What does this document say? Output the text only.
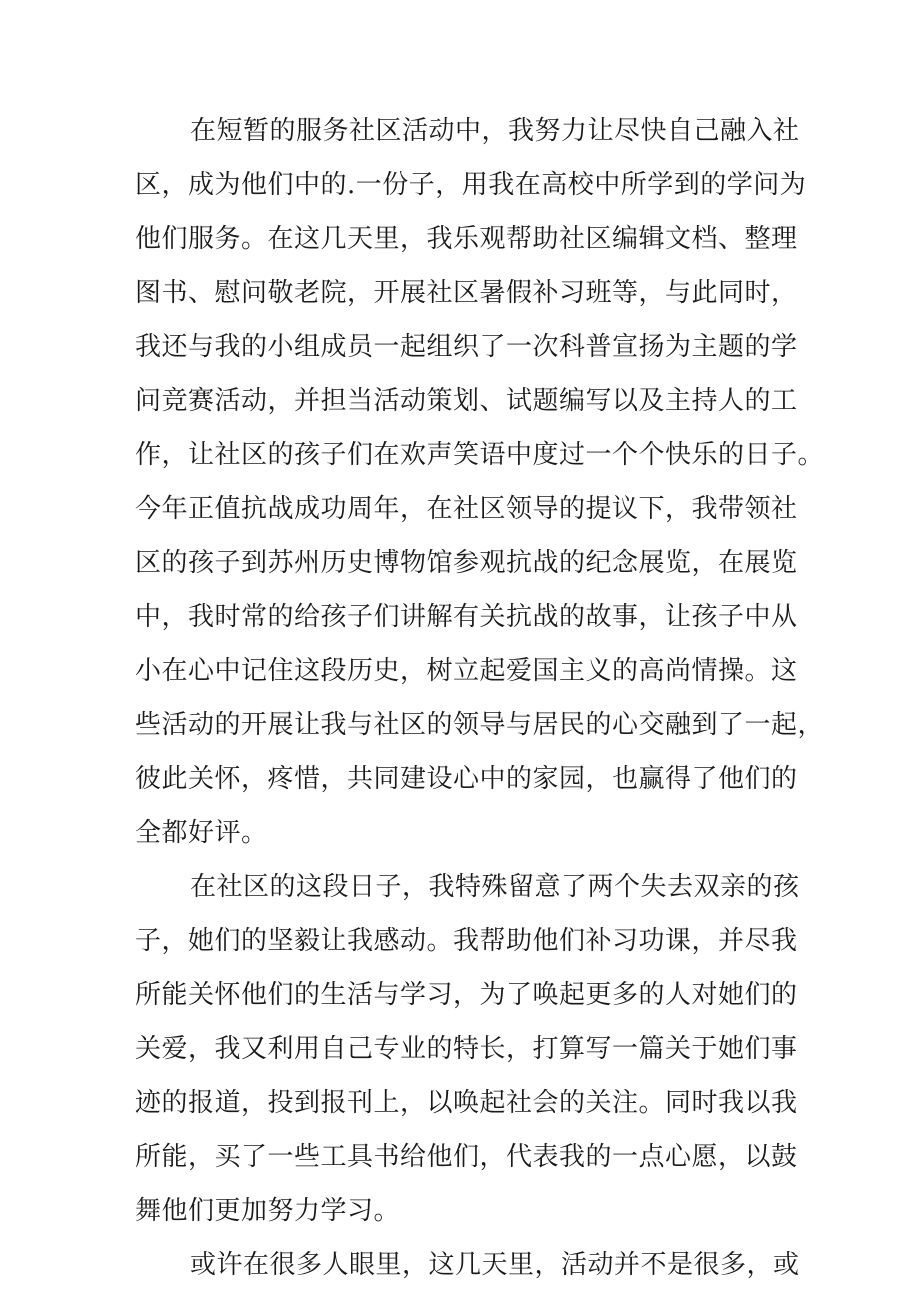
在短暂的服务社区活动中，我努力让尽快自己融入社
区，成为他们中的.一份子，用我在高校中所学到的学问为
他们服务。在这几天里，我乐观帮助社区编辑文档、整理
图书、慰问敬老院，开展社区暑假补习班等，与此同时，
我还与我的小组成员一起组织了一次科普宣扬为主题的学
问竞赛活动，并担当活动策划、试题编写以及主持人的工
作，让社区的孩子们在欢声笑语中度过一个个快乐的日子。
今年正值抗战成功周年，在社区领导的提议下，我带领社
区的孩子到苏州历史博物馆参观抗战的纪念展览，在展览
中，我时常的给孩子们讲解有关抗战的故事，让孩子中从
小在心中记住这段历史，树立起爱国主义的高尚情操。这
些活动的开展让我与社区的领导与居民的心交融到了一起，
彼此关怀，疼惜，共同建设心中的家园，也赢得了他们的
全都好评。
在社区的这段日子，我特殊留意了两个失去双亲的孩
子，她们的坚毅让我感动。我帮助他们补习功课，并尽我
所能关怀他们的生活与学习，为了唤起更多的人对她们的
关爱，我又利用自己专业的特长，打算写一篇关于她们事
迹的报道，投到报刊上，以唤起社会的关注。同时我以我
所能，买了一些工具书给他们，代表我的一点心愿，以鼓
舞他们更加努力学习。
或许在很多人眼里，这几天里，活动并不是很多，或
